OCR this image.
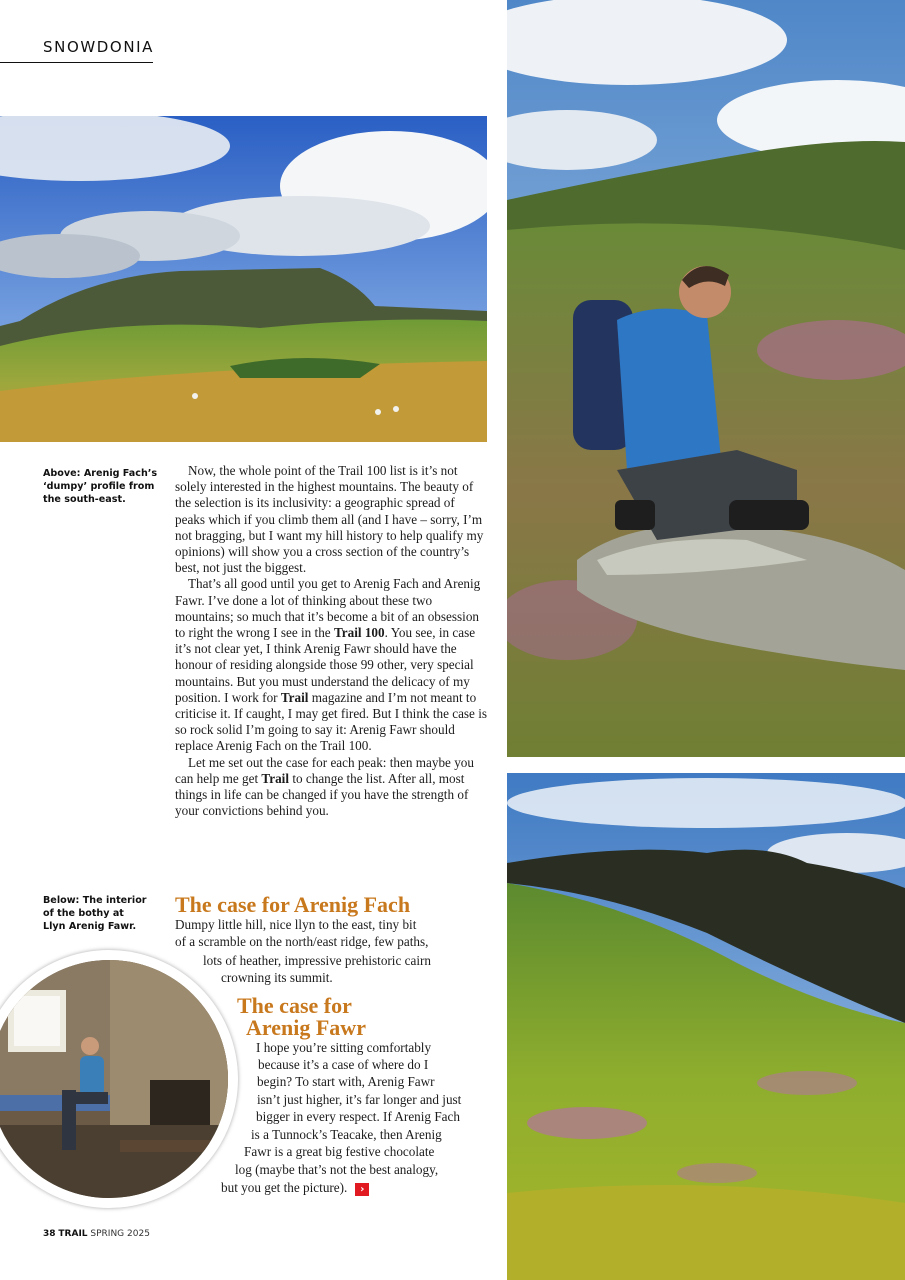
SNOWDONIA
Above: Arenig Fach’s
‘dumpy’ profile from
the south-east.

Now, the whole point of the Trail 100 list is it’s not solely interested in the highest mountains. The beauty of the selection is its inclusivity: a geographic spread of peaks which if you climb them all (and I have – sorry, I’m not bragging, but I want my hill history to help qualify my opinions) will show you a cross section of the country’s best, not just the biggest.

That’s all good until you get to Arenig Fach and Arenig Fawr. I’ve done a lot of thinking about these two mountains; so much that it’s become a bit of an obsession to right the wrong I see in the Trail 100. You see, in case it’s not clear yet, I think Arenig Fawr should have the honour of residing alongside those 99 other, very special mountains. But you must understand the delicacy of my position. I work for Trail magazine and I’m not meant to criticise it. If caught, I may get fired. But I think the case is so rock solid I’m going to say it: Arenig Fawr should replace Arenig Fach on the Trail 100.

Let me set out the case for each peak: then maybe you can help me get Trail to change the list. After all, most things in life can be changed if you have the strength of your convictions behind you.

Below: The interior
of the bothy at
Llyn Arenig Fawr.
The case for Arenig Fach
Dumpy little hill, nice llyn to the east, tiny bit
of a scramble on the north/east ridge, few paths,
lots of heather, impressive prehistoric cairn
crowning its summit.
The case for
Arenig Fawr
I hope you’re sitting comfortably
because it’s a case of where do I
begin? To start with, Arenig Fawr
isn’t just higher, it’s far longer and just
bigger in every respect. If Arenig Fach
is a Tunnock’s Teacake, then Arenig
Fawr is a great big festive chocolate
log (maybe that’s not the best analogy,
but you get the picture). ›
38 TRAIL SPRING 2025
